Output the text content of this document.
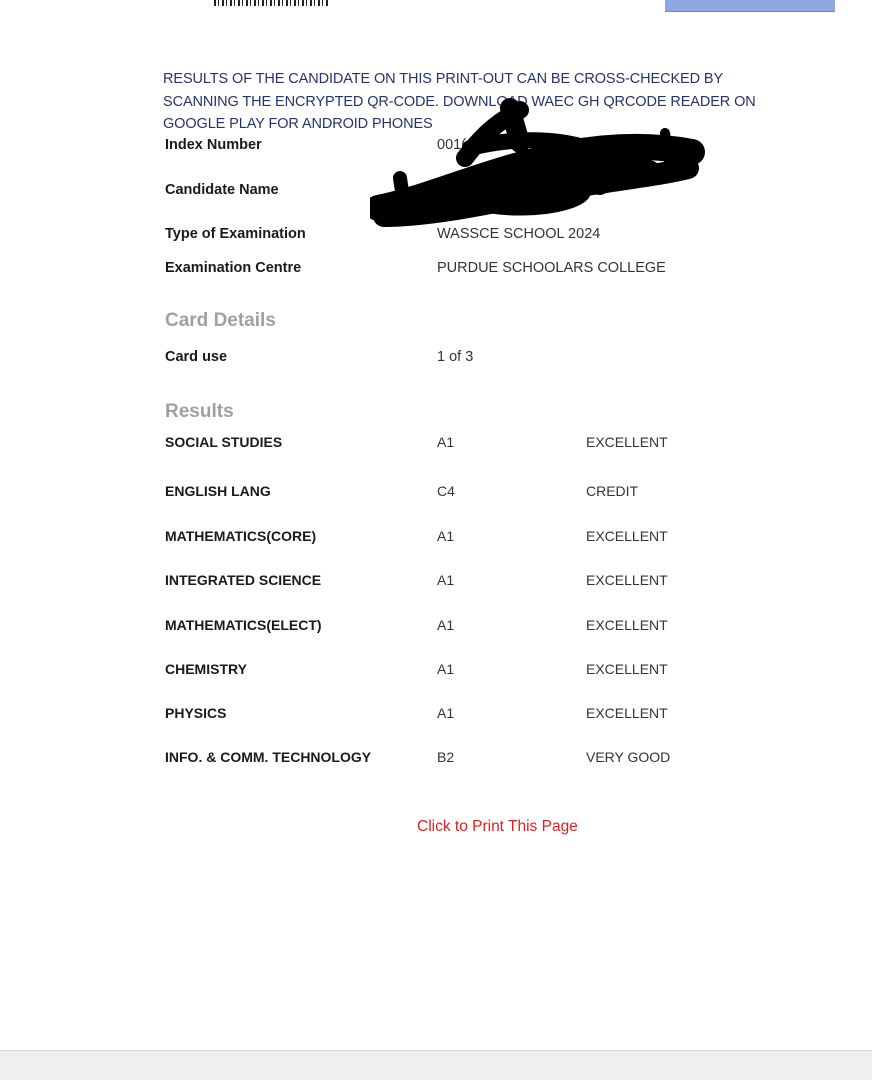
RESULTS OF THE CANDIDATE ON THIS PRINT-OUT CAN BE CROSS-CHECKED BY SCANNING THE ENCRYPTED QR-CODE. DOWNLOAD WAEC GH QRCODE READER ON GOOGLE PLAY FOR ANDROID PHONES
Index Number	001(
Candidate Name
Type of Examination	WASSCE SCHOOL 2024
Examination Centre	PURDUE SCHOOLARS COLLEGE
Card Details
Card use	1 of 3
Results
SOCIAL STUDIES	A1	EXCELLENT
ENGLISH LANG	C4	CREDIT
MATHEMATICS(CORE)	A1	EXCELLENT
INTEGRATED SCIENCE	A1	EXCELLENT
MATHEMATICS(ELECT)	A1	EXCELLENT
CHEMISTRY	A1	EXCELLENT
PHYSICS	A1	EXCELLENT
INFO. & COMM. TECHNOLOGY	B2	VERY GOOD
Click to Print This Page
